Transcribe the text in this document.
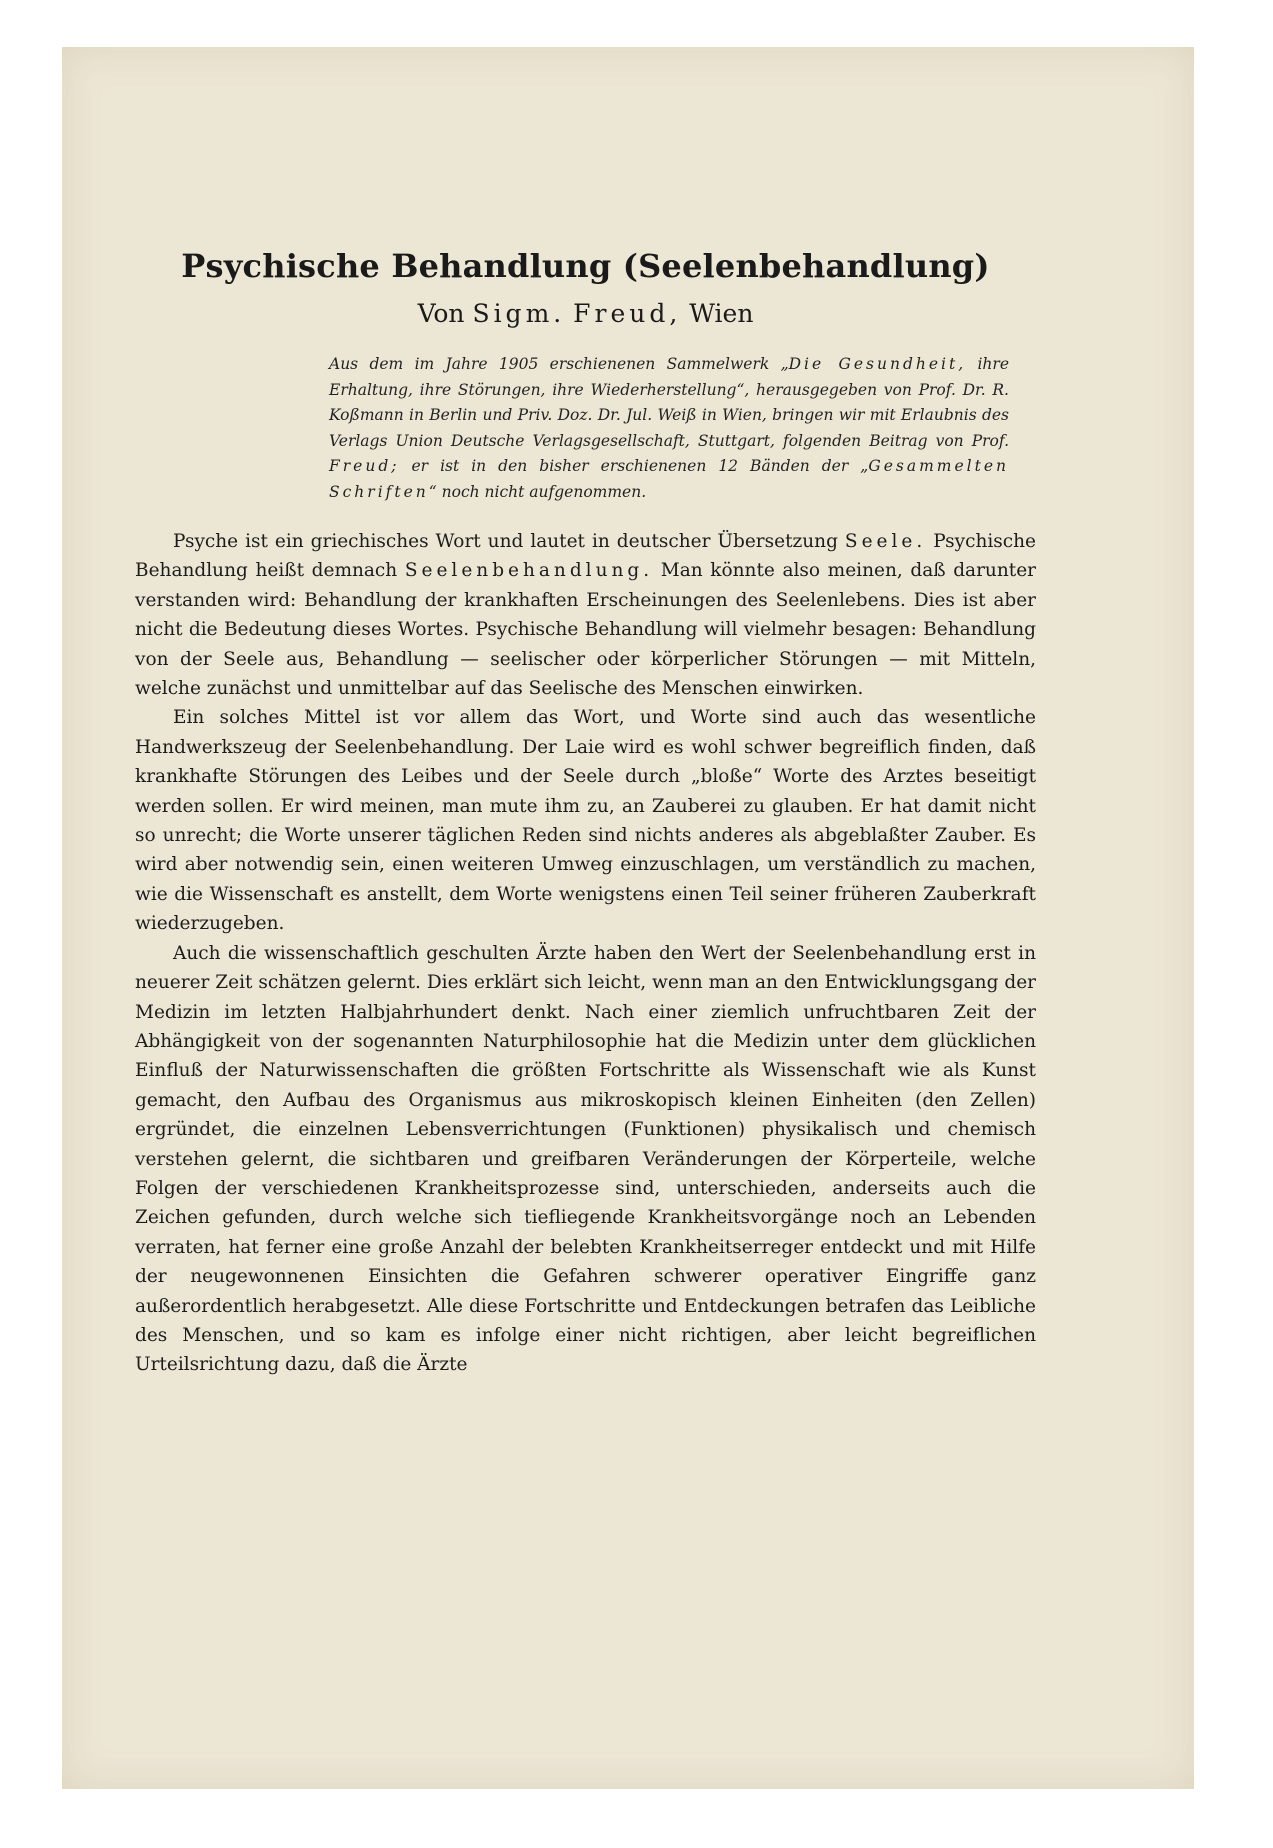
Psychische Behandlung (Seelenbehandlung)
Von Sigm. Freud, Wien
Aus dem im Jahre 1905 erschienenen Sammelwerk „Die Gesundheit, ihre Erhaltung, ihre Störungen, ihre Wiederherstellung“, herausgegeben von Prof. Dr. R. Koßmann in Berlin und Priv. Doz. Dr. Jul. Weiß in Wien, bringen wir mit Erlaubnis des Verlags Union Deutsche Verlagsgesellschaft, Stuttgart, folgenden Beitrag von Prof. Freud; er ist in den bisher erschienenen 12 Bänden der „Gesammelten Schriften“ noch nicht aufgenommen.

Psyche ist ein griechisches Wort und lautet in deutscher Übersetzung Seele. Psychische Behandlung heißt demnach Seelenbehandlung. Man könnte also meinen, daß darunter verstanden wird: Behandlung der krankhaften Erscheinungen des Seelenlebens. Dies ist aber nicht die Bedeutung dieses Wortes. Psychische Behandlung will vielmehr besagen: Behandlung von der Seele aus, Behandlung — seelischer oder körperlicher Störungen — mit Mitteln, welche zunächst und unmittelbar auf das Seelische des Menschen einwirken.

Ein solches Mittel ist vor allem das Wort, und Worte sind auch das wesentliche Handwerkszeug der Seelenbehandlung. Der Laie wird es wohl schwer begreiflich finden, daß krankhafte Störungen des Leibes und der Seele durch „bloße“ Worte des Arztes beseitigt werden sollen. Er wird meinen, man mute ihm zu, an Zauberei zu glauben. Er hat damit nicht so unrecht; die Worte unserer täglichen Reden sind nichts anderes als abgeblaßter Zauber. Es wird aber notwendig sein, einen weiteren Umweg einzuschlagen, um verständlich zu machen, wie die Wissenschaft es anstellt, dem Worte wenigstens einen Teil seiner früheren Zauberkraft wiederzugeben.

Auch die wissenschaftlich geschulten Ärzte haben den Wert der Seelenbehandlung erst in neuerer Zeit schätzen gelernt. Dies erklärt sich leicht, wenn man an den Entwicklungsgang der Medizin im letzten Halbjahrhundert denkt. Nach einer ziemlich unfruchtbaren Zeit der Abhängigkeit von der sogenannten Naturphilosophie hat die Medizin unter dem glücklichen Einfluß der Naturwissenschaften die größten Fortschritte als Wissenschaft wie als Kunst gemacht, den Aufbau des Organismus aus mikroskopisch kleinen Einheiten (den Zellen) ergründet, die einzelnen Lebensverrichtungen (Funktionen) physikalisch und chemisch verstehen gelernt, die sichtbaren und greifbaren Veränderungen der Körperteile, welche Folgen der verschiedenen Krankheitsprozesse sind, unterschieden, anderseits auch die Zeichen gefunden, durch welche sich tiefliegende Krankheitsvorgänge noch an Lebenden verraten, hat ferner eine große Anzahl der belebten Krankheitserreger entdeckt und mit Hilfe der neugewonnenen Einsichten die Gefahren schwerer operativer Eingriffe ganz außerordentlich herabgesetzt. Alle diese Fortschritte und Entdeckungen betrafen das Leibliche des Menschen, und so kam es infolge einer nicht richtigen, aber leicht begreiflichen Urteilsrichtung dazu, daß die Ärzte
